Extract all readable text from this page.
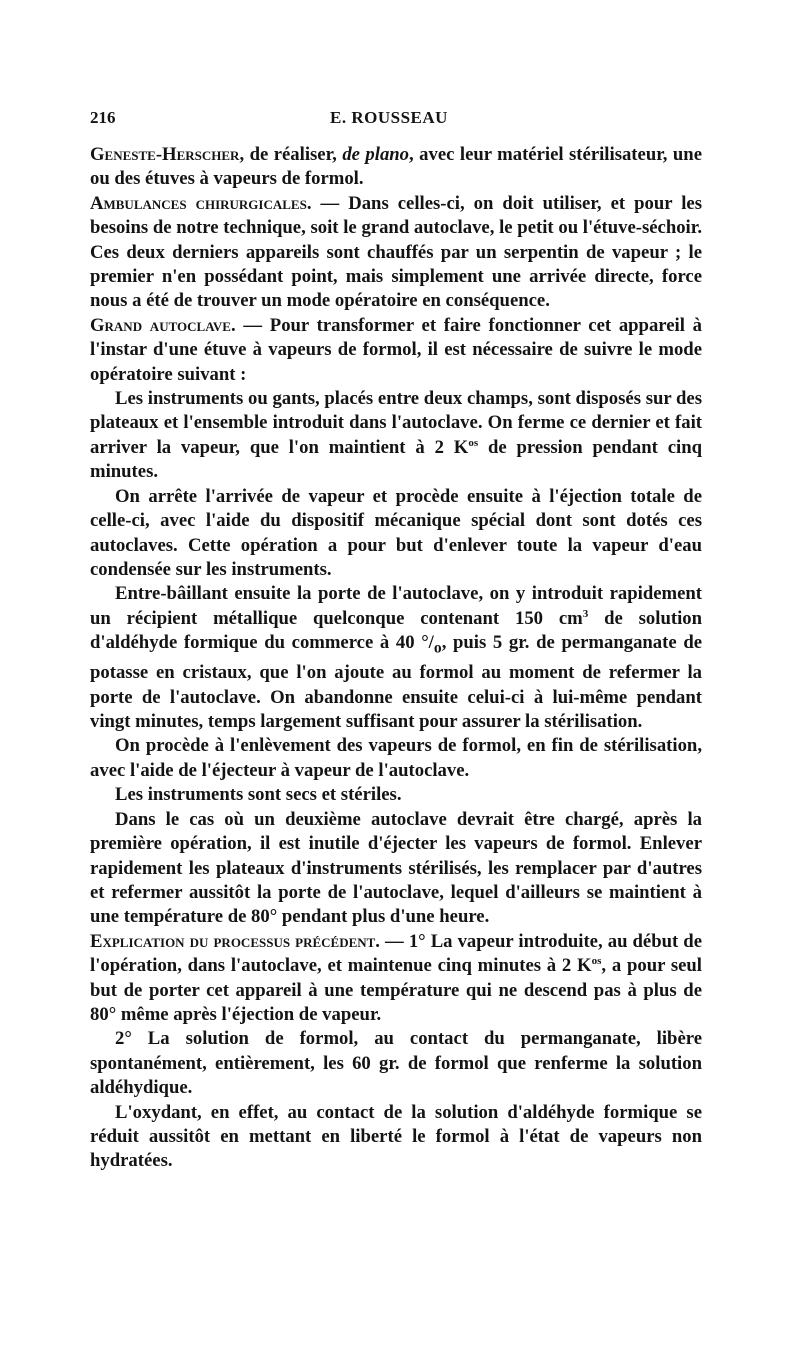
216	E. ROUSSEAU

Geneste-Herscher, de réaliser, de plano, avec leur matériel stérilisateur, une ou des étuves à vapeurs de formol.

Ambulances chirurgicales. — Dans celles-ci, on doit utiliser, et pour les besoins de notre technique, soit le grand autoclave, le petit ou l'étuve-séchoir. Ces deux derniers appareils sont chauffés par un serpentin de vapeur ; le premier n'en possédant point, mais simplement une arrivée directe, force nous a été de trouver un mode opératoire en conséquence.

Grand autoclave. — Pour transformer et faire fonctionner cet appareil à l'instar d'une étuve à vapeurs de formol, il est nécessaire de suivre le mode opératoire suivant :

Les instruments ou gants, placés entre deux champs, sont disposés sur des plateaux et l'ensemble introduit dans l'autoclave. On ferme ce dernier et fait arriver la vapeur, que l'on maintient à 2 $K^{os}$ de pression pendant cinq minutes.

On arrête l'arrivée de vapeur et procède ensuite à l'éjection totale de celle-ci, avec l'aide du dispositif mécanique spécial dont sont dotés ces autoclaves. Cette opération a pour but d'enlever toute la vapeur d'eau condensée sur les instruments.

Entre-bâillant ensuite la porte de l'autoclave, on y introduit rapidement un récipient métallique quelconque contenant 150 $cm^3$ de solution d'aldéhyde formique du commerce à 40 $^\circ/_o$, puis 5 gr. de permanganate de potasse en cristaux, que l'on ajoute au formol au moment de refermer la porte de l'autoclave. On abandonne ensuite celui-ci à lui-même pendant vingt minutes, temps largement suffisant pour assurer la stérilisation.

On procède à l'enlèvement des vapeurs de formol, en fin de stérilisation, avec l'aide de l'éjecteur à vapeur de l'autoclave.

Les instruments sont secs et stériles.

Dans le cas où un deuxième autoclave devrait être chargé, après la première opération, il est inutile d'éjecter les vapeurs de formol. Enlever rapidement les plateaux d'instruments stérilisés, les remplacer par d'autres et refermer aussitôt la porte de l'autoclave, lequel d'ailleurs se maintient à une température de 80° pendant plus d'une heure.

Explication du processus précédent. — 1° La vapeur introduite, au début de l'opération, dans l'autoclave, et maintenue cinq minutes à 2 $K^{os}$, a pour seul but de porter cet appareil à une température qui ne descend pas à plus de 80° même après l'éjection de vapeur.

2° La solution de formol, au contact du permanganate, libère spontanément, entièrement, les 60 gr. de formol que renferme la solution aldéhydique.

L'oxydant, en effet, au contact de la solution d'aldéhyde formique se réduit aussitôt en mettant en liberté le formol à l'état de vapeurs non hydratées.
